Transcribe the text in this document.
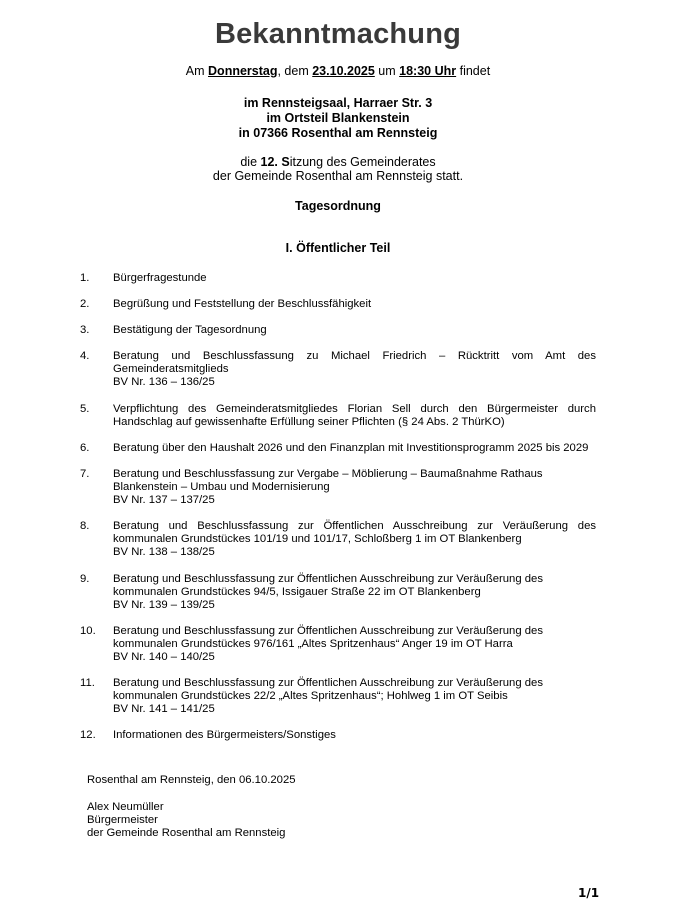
Bekanntmachung
Am Donnerstag, dem 23.10.2025 um 18:30 Uhr findet
im Rennsteigsaal, Harraer Str. 3
im Ortsteil Blankenstein
in 07366 Rosenthal am Rennsteig
die 12. Sitzung des Gemeinderates
der Gemeinde Rosenthal am Rennsteig statt.
Tagesordnung
I. Öffentlicher Teil
1.	Bürgerfragestunde
2.	Begrüßung und Feststellung der Beschlussfähigkeit
3.	Bestätigung der Tagesordnung
4.	Beratung und Beschlussfassung zu Michael Friedrich – Rücktritt vom Amt des Gemeinderatsmitglieds
BV Nr. 136 – 136/25
5.	Verpflichtung des Gemeinderatsmitgliedes Florian Sell durch den Bürgermeister durch Handschlag auf gewissenhafte Erfüllung seiner Pflichten (§ 24 Abs. 2 ThürKO)
6.	Beratung über den Haushalt 2026 und den Finanzplan mit Investitionsprogramm 2025 bis 2029
7.	Beratung und Beschlussfassung zur Vergabe – Möblierung – Baumaßnahme Rathaus
Blankenstein – Umbau und Modernisierung
BV Nr. 137 – 137/25
8.	Beratung und Beschlussfassung zur Öffentlichen Ausschreibung zur Veräußerung des kommunalen Grundstückes 101/19 und 101/17, Schloßberg 1 im OT Blankenberg
BV Nr. 138 – 138/25
9.	Beratung und Beschlussfassung zur Öffentlichen Ausschreibung zur Veräußerung des
kommunalen Grundstückes 94/5, Issigauer Straße 22 im OT Blankenberg
BV Nr. 139 – 139/25
10.	Beratung und Beschlussfassung zur Öffentlichen Ausschreibung zur Veräußerung des
kommunalen Grundstückes 976/161 „Altes Spritzenhaus“ Anger 19 im OT Harra
BV Nr. 140 – 140/25
11.	Beratung und Beschlussfassung zur Öffentlichen Ausschreibung zur Veräußerung des
kommunalen Grundstückes 22/2 „Altes Spritzenhaus“; Hohlweg 1 im OT Seibis
BV Nr. 141 – 141/25
12.	Informationen des Bürgermeisters/Sonstiges
Rosenthal am Rennsteig, den 06.10.2025
Alex Neumüller
Bürgermeister
der Gemeinde Rosenthal am Rennsteig
1/1
